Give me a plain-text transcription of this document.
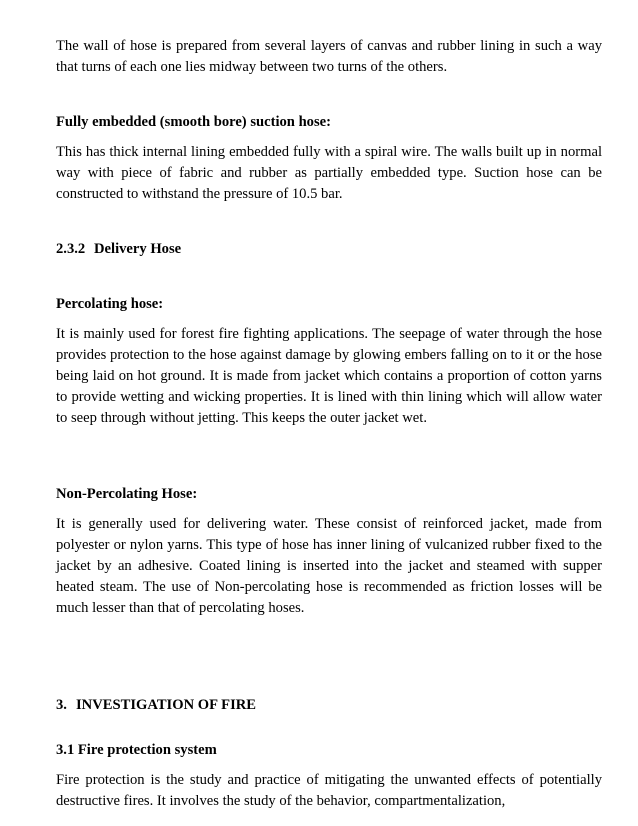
The wall of hose is prepared from several layers of canvas and rubber lining in such a way that turns of each one lies midway between two turns of the others.

Fully embedded (smooth bore) suction hose:

This has thick internal lining embedded fully with a spiral wire. The walls built up in normal way with piece of fabric and rubber as partially embedded type. Suction hose can be constructed to withstand the pressure of 10.5 bar.

2.3.2 Delivery Hose

Percolating hose:

It is mainly used for forest fire fighting applications. The seepage of water through the hose provides protection to the hose against damage by glowing embers falling on to it or the hose being laid on hot ground. It is made from jacket which contains a proportion of cotton yarns to provide wetting and wicking properties. It is lined with thin lining which will allow water to seep through without jetting. This keeps the outer jacket wet.

Non-Percolating Hose:

It is generally used for delivering water. These consist of reinforced jacket, made from polyester or nylon yarns. This type of hose has inner lining of vulcanized rubber fixed to the jacket by an adhesive. Coated lining is inserted into the jacket and steamed with supper heated steam. The use of Non-percolating hose is recommended as friction losses will be much lesser than that of percolating hoses.

3. INVESTIGATION OF FIRE

3.1 Fire protection system

Fire protection is the study and practice of mitigating the unwanted effects of potentially destructive fires. It involves the study of the behavior, compartmentalization,
